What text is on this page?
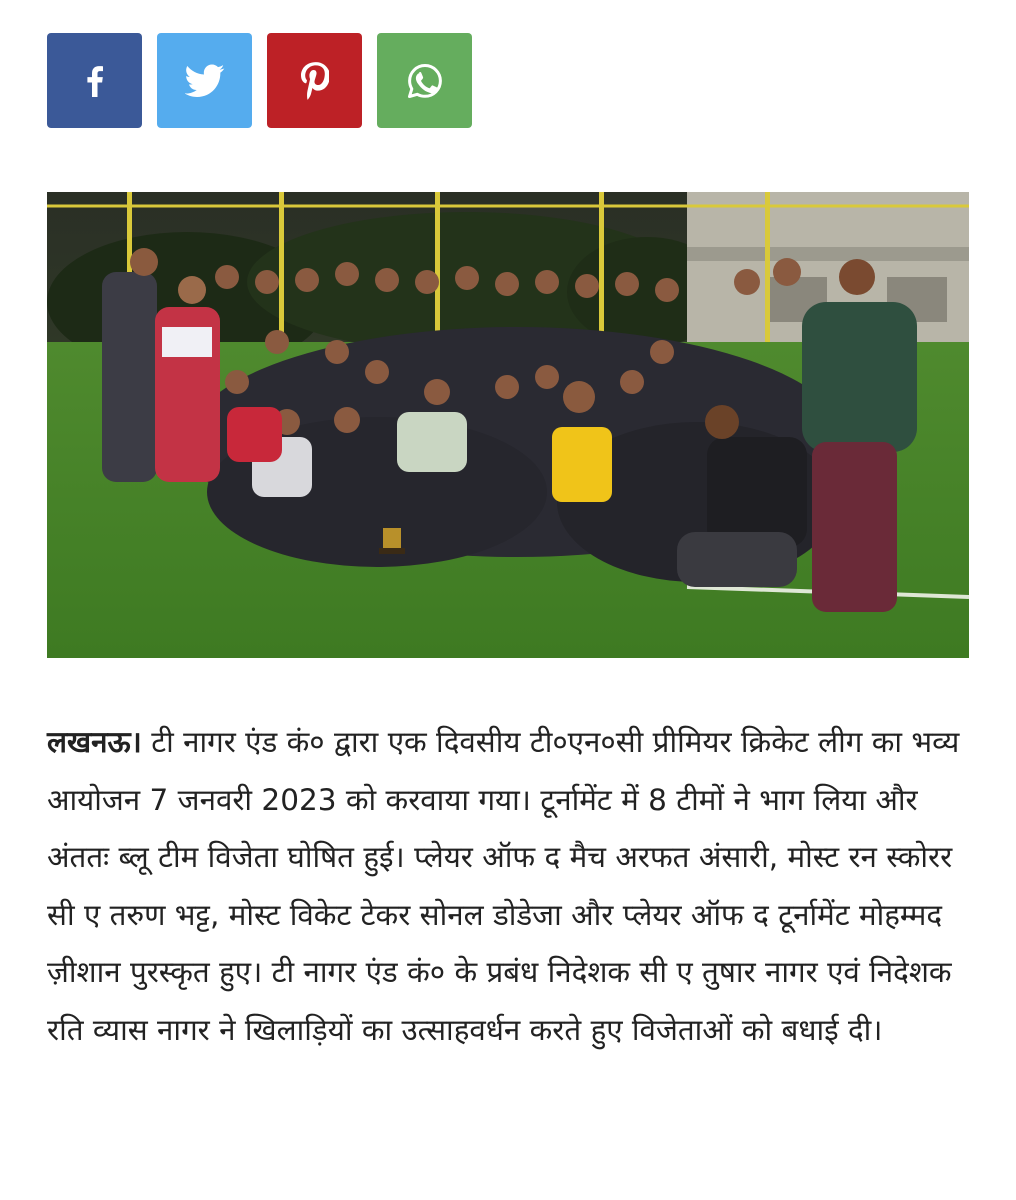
लखनऊ। टी नागर एंड कं० द्वारा एक दिवसीय टी०एन०सी प्रीमियर क्रिकेट लीग का भव्य आयोजन 7 जनवरी 2023 को करवाया गया। टूर्नामेंट में 8 टीमों ने भाग लिया और अंततः ब्लू टीम विजेता घोषित हुई। प्लेयर ऑफ द मैच अरफत अंसारी, मोस्ट रन स्कोरर सी ए तरुण भट्ट, मोस्ट विकेट टेकर सोनल डोडेजा और प्लेयर ऑफ द टूर्नामेंट मोहम्मद ज़ीशान पुरस्कृत हुए। टी नागर एंड कं० के प्रबंध निदेशक सी ए तुषार नागर एवं निदेशक रति व्यास नागर ने खिलाड़ियों का उत्साहवर्धन करते हुए विजेताओं को बधाई दी।
